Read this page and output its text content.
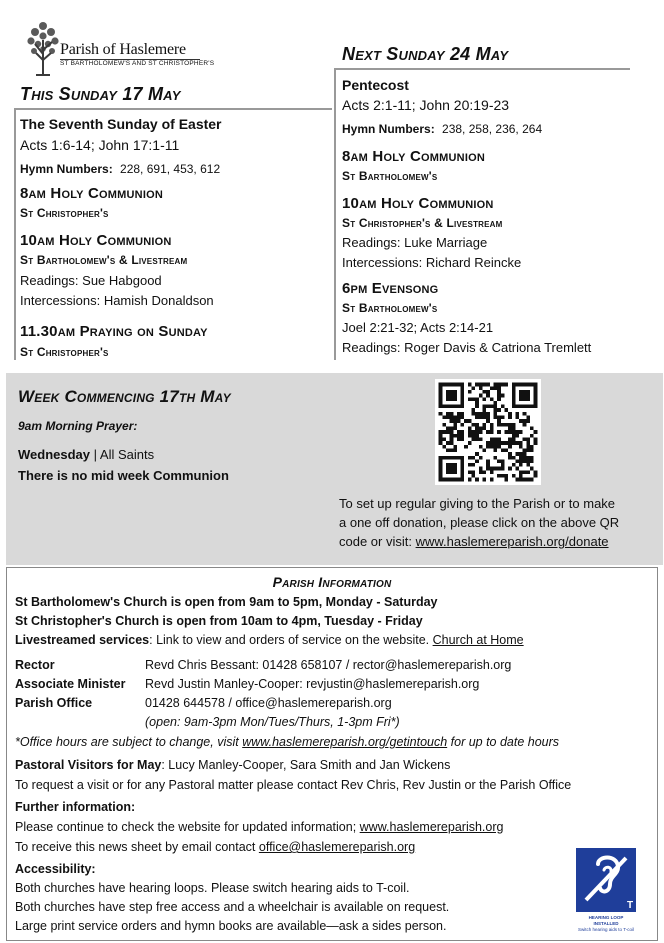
Parish of Haslemere
ST BARTHOLOMEW'S AND ST CHRISTOPHER'S
This Sunday 17 May
The Seventh Sunday of Easter
Acts 1:6-14; John 17:1-11
Hymn Numbers: 228, 691, 453, 612
8am Holy Communion
St Christopher's
10am Holy Communion
St Bartholomew's & Livestream
Readings: Sue Habgood
Intercessions: Hamish Donaldson
11.30am Praying on Sunday
St Christopher's
Next Sunday 24 May
Pentecost
Acts 2:1-11; John 20:19-23
Hymn Numbers: 238, 258, 236, 264
8am Holy Communion
St Bartholomew's
10am Holy Communion
St Christopher's & Livestream
Readings: Luke Marriage
Intercessions: Richard Reincke
6pm Evensong
St Bartholomew's
Joel 2:21-32; Acts 2:14-21
Readings: Roger Davis & Catriona Tremlett
Week Commencing 17th May
9am Morning Prayer:
Wednesday | All Saints
There is no mid week Communion
To set up regular giving to the Parish or to make
a one off donation, please click on the above QR
code or visit: www.haslemereparish.org/donate
Parish Information
St Bartholomew's Church is open from 9am to 5pm, Monday - Saturday
St Christopher's Church is open from 10am to 4pm, Tuesday - Friday
Livestreamed services: Link to view and orders of service on the website. Church at Home
Rector	Revd Chris Bessant: 01428 658107 / rector@haslemereparish.org
Associate Minister Revd Justin Manley-Cooper: revjustin@haslemereparish.org
Parish Office	01428 644578 / office@haslemereparish.org
(open: 9am-3pm Mon/Tues/Thurs, 1-3pm Fri*)
*Office hours are subject to change, visit www.haslemereparish.org/getintouch for up to date hours
Pastoral Visitors for May: Lucy Manley-Cooper, Sara Smith and Jan Wickens
To request a visit or for any Pastoral matter please contact Rev Chris, Rev Justin or the Parish Office
Further information:
Please continue to check the website for updated information; www.haslemereparish.org
To receive this news sheet by email contact office@haslemereparish.org
Accessibility:
Both churches have hearing loops. Please switch hearing aids to T-coil.
Both churches have step free access and a wheelchair is available on request.
Large print service orders and hymn books are available—ask a sides person.
T
HEARING LOOP INSTALLED
Switch hearing aids to T-coil
